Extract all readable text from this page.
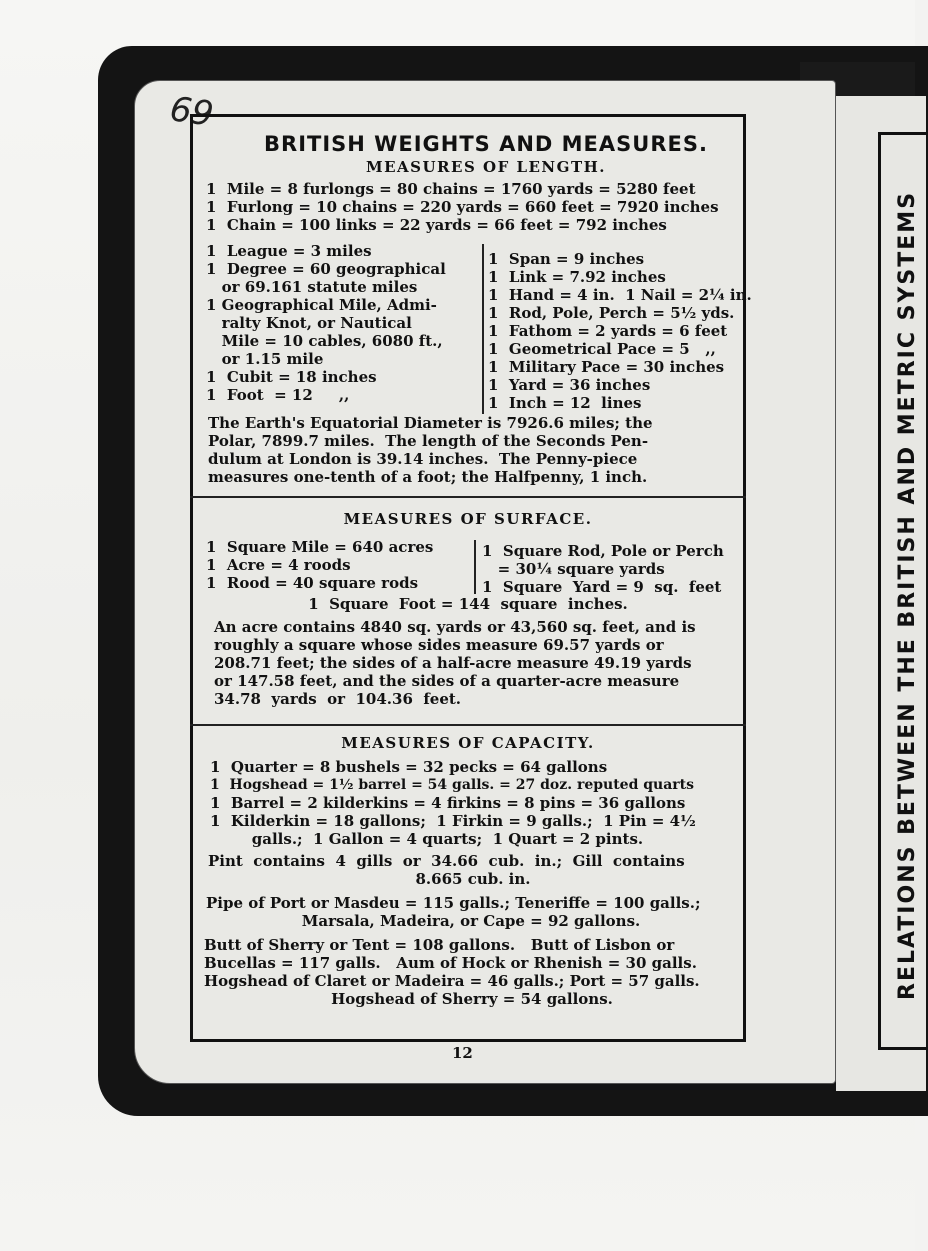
RELATIONS BETWEEN THE BRITISH AND METRIC SYSTEMS
69
BRITISH WEIGHTS AND MEASURES.
MEASURES OF LENGTH.
1  Mile = 8 furlongs = 80 chains = 1760 yards = 5280 feet
1  Furlong = 10 chains = 220 yards = 660 feet = 7920 inches
1  Chain = 100 links = 22 yards = 66 feet = 792 inches
1  League = 3 miles
1  Degree = 60 geographical
or 69.161 statute miles
1 Geographical Mile, Admi-
ralty Knot, or Nautical
Mile = 10 cables, 6080 ft.,
or 1.15 mile
1  Cubit = 18 inches
1  Foot  = 12     ,,
1  Span = 9 inches
1  Link = 7.92 inches
1  Hand = 4 in.  1 Nail = 2¼ in.
1  Rod, Pole, Perch = 5½ yds.
1  Fathom = 2 yards = 6 feet
1  Geometrical Pace = 5   ,,
1  Military Pace = 30 inches
1  Yard = 36 inches
1  Inch = 12  lines
The Earth's Equatorial Diameter is 7926.6 miles; the
Polar, 7899.7 miles.  The length of the Seconds Pen-
dulum at London is 39.14 inches.  The Penny-piece
measures one-tenth of a foot; the Halfpenny, 1 inch.
MEASURES OF SURFACE.
1  Square Mile = 640 acres
1  Acre = 4 roods
1  Rood = 40 square rods
1  Square Rod, Pole or Perch
= 30¼ square yards
1  Square  Yard = 9  sq.  feet
1  Square  Foot = 144  square  inches.
An acre contains 4840 sq. yards or 43,560 sq. feet, and is
roughly a square whose sides measure 69.57 yards or
208.71 feet; the sides of a half-acre measure 49.19 yards
or 147.58 feet, and the sides of a quarter-acre measure
34.78  yards  or  104.36  feet.
MEASURES OF CAPACITY.
1  Quarter = 8 bushels = 32 pecks = 64 gallons
1  Hogshead = 1½ barrel = 54 galls. = 27 doz. reputed quarts
1  Barrel = 2 kilderkins = 4 firkins = 8 pins = 36 gallons
1  Kilderkin = 18 gallons;  1 Firkin = 9 galls.;  1 Pin = 4½
galls.;  1 Gallon = 4 quarts;  1 Quart = 2 pints.
Pint  contains  4  gills  or  34.66  cub.  in.;  Gill  contains
8.665 cub. in.
Pipe of Port or Masdeu = 115 galls.; Teneriffe = 100 galls.;
Marsala, Madeira, or Cape = 92 gallons.
Butt of Sherry or Tent = 108 gallons.   Butt of Lisbon or
Bucellas = 117 galls.   Aum of Hock or Rhenish = 30 galls.
Hogshead of Claret or Madeira = 46 galls.; Port = 57 galls.
Hogshead of Sherry = 54 gallons.
12
